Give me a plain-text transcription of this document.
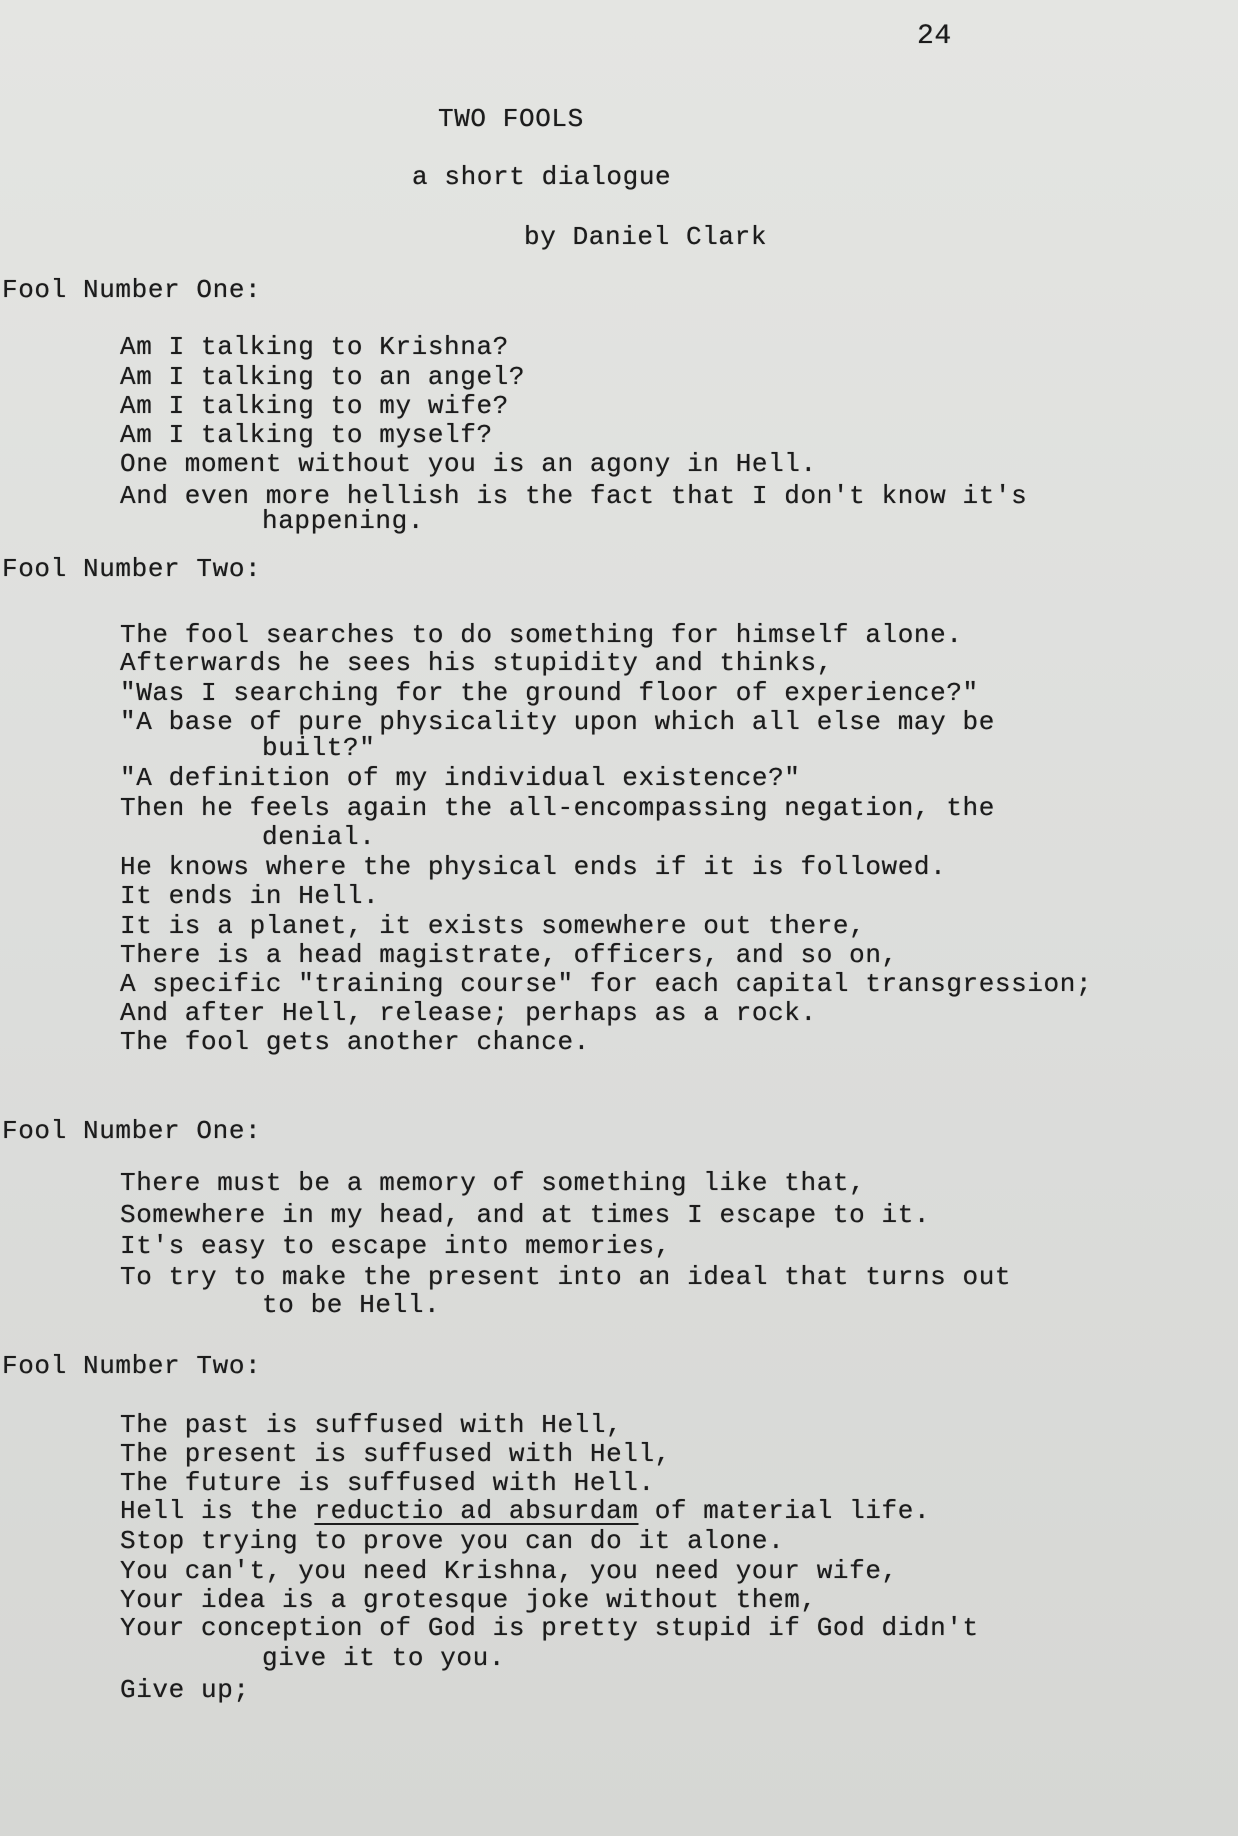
24
TWO FOOLS
a short dialogue
by Daniel Clark
Fool Number One:
Am I talking to Krishna?
Am I talking to an angel?
Am I talking to my wife?
Am I talking to myself?
One moment without you is an agony in Hell.
And even more hellish is the fact that I don't know it's
happening.
Fool Number Two:
The fool searches to do something for himself alone.
Afterwards he sees his stupidity and thinks,
"Was I searching for the ground floor of experience?"
"A base of pure physicality upon which all else may be
built?"
"A definition of my individual existence?"
Then he feels again the all-encompassing negation, the
denial.
He knows where the physical ends if it is followed.
It ends in Hell.
It is a planet, it exists somewhere out there,
There is a head magistrate, officers, and so on,
A specific "training course" for each capital transgression;
And after Hell, release; perhaps as a rock.
The fool gets another chance.
Fool Number One:
There must be a memory of something like that,
Somewhere in my head, and at times I escape to it.
It's easy to escape into memories,
To try to make the present into an ideal that turns out
to be Hell.
Fool Number Two:
The past is suffused with Hell,
The present is suffused with Hell,
The future is suffused with Hell.
Hell is the reductio ad absurdam of material life.
Stop trying to prove you can do it alone.
You can't, you need Krishna, you need your wife,
Your idea is a grotesque joke without them,
Your conception of God is pretty stupid if God didn't
give it to you.
Give up;
